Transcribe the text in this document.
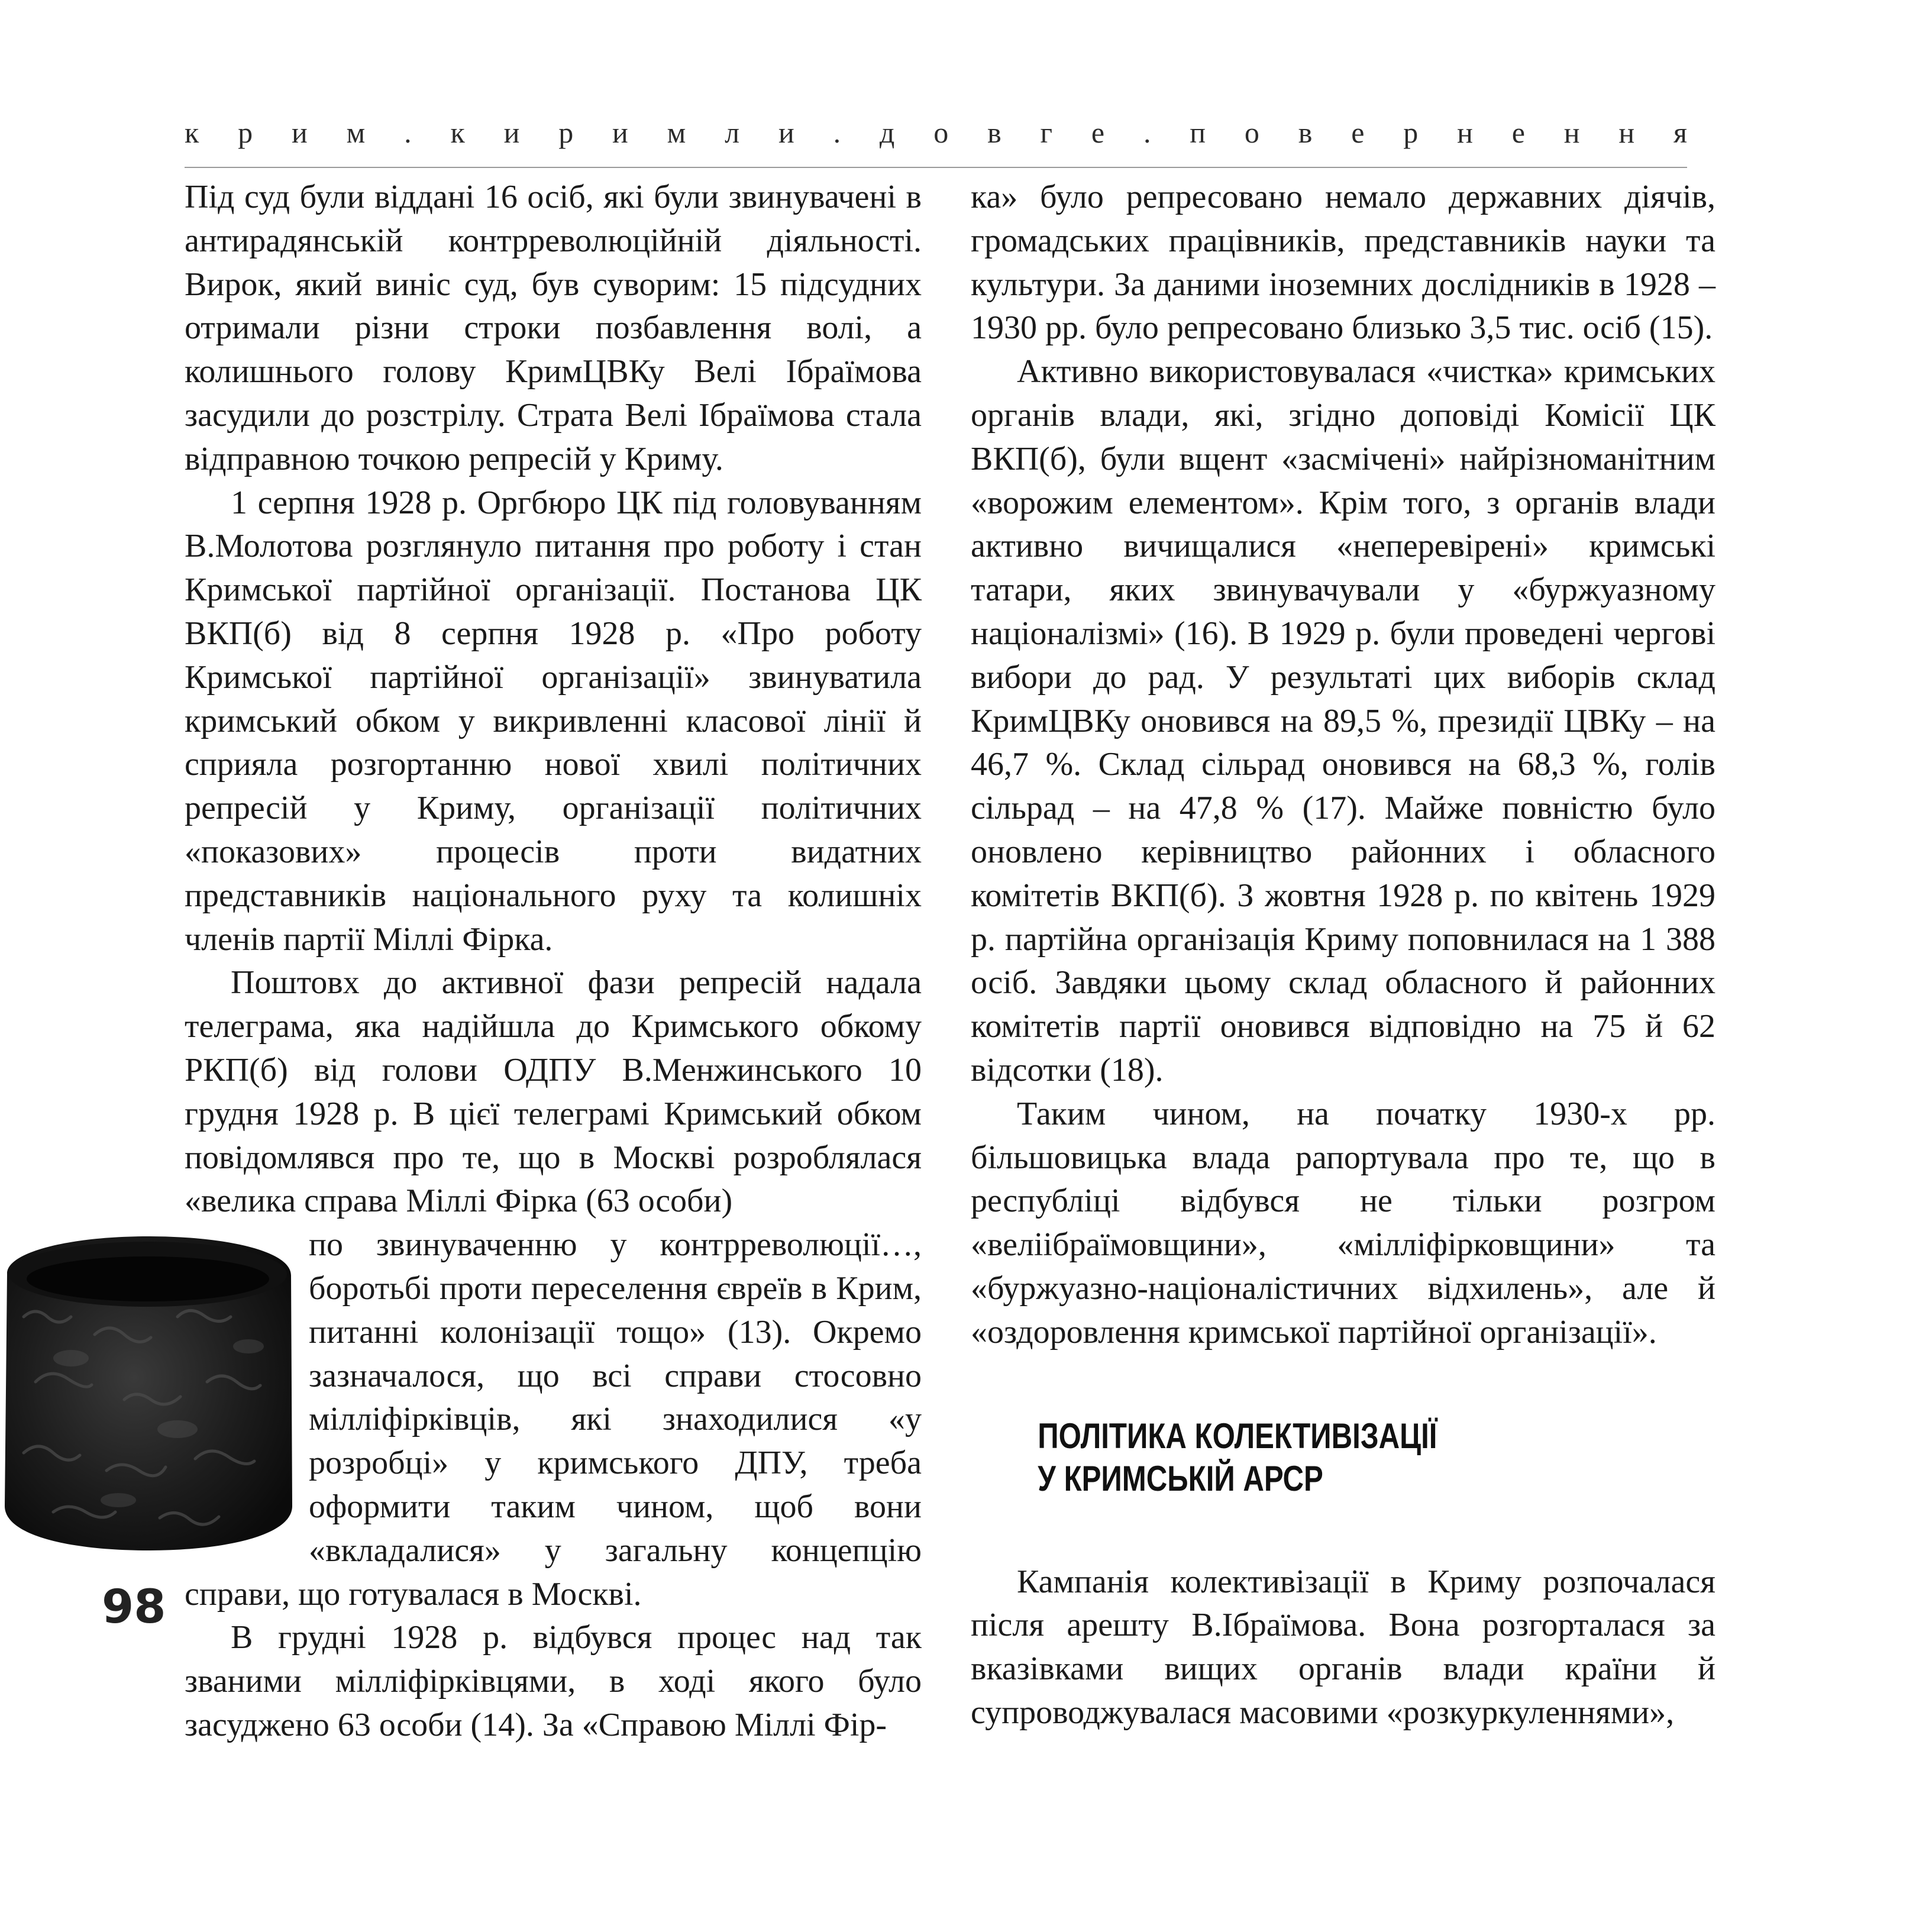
к р и м . к и р и м л и . д о в г е . п о в е р н е н н я

Під суд були віддані 16 осіб, які були звинувачені в антирадянській контрреволюційній діяльності. Вирок, який виніс суд, був суворим: 15 підсудних отримали різни строки позбавлення волі, а колишнього голову КримЦВКу Велі Ібраїмова засудили до розстрілу. Страта Велі Ібраїмова стала відправною точкою репресій у Криму.

1 серпня 1928 р. Оргбюро ЦК під головуванням В.Молотова розглянуло питання про роботу і стан Кримської партійної організації. Постанова ЦК ВКП(б) від 8 серпня 1928 р. «Про роботу Кримської партійної організації» звинуватила кримський обком у викривленні класової лінії й сприяла розгортанню нової хвилі політичних репресій у Криму, організації політичних «показових» процесів проти видатних представників національного руху та колишніх членів партії Міллі Фірка.

Поштовх до активної фази репресій надала телеграма, яка надійшла до Кримського обкому РКП(б) від голови ОДПУ В.Менжинського 10 грудня 1928 р. В цієї телеграмі Кримський обком повідомлявся про те, що в Москві розроблялася «велика справа Міллі Фірка (63 особи)

по звинуваченню у контрреволюції…, боротьбі проти переселення євреїв в Крим, питанні колонізації тощо» (13). Окремо зазначалося, що всі справи стосовно мілліфірківців, які знаходилися «у розробці» у кримського ДПУ, треба оформити таким чином, щоб вони «вкладалися» у загальну концепцію справи, що готувалася в Москві.

В грудні 1928 р. відбувся процес над так званими мілліфірківцями, в ході якого було засуджено 63 особи (14). За «Справою Міллі Фір-

98

ка» було репресовано немало державних діячів, громадських працівників, представників науки та культури. За даними іноземних дослідників в 1928 – 1930 рр. було репресовано близько 3,5 тис. осіб (15).

Активно використовувалася «чистка» кримських органів влади, які, згідно доповіді Комісії ЦК ВКП(б), були вщент «засмічені» найрізноманітним «ворожим елементом». Крім того, з органів влади активно вичищалися «неперевірені» кримські татари, яких звинувачували у «буржуазному націоналізмі» (16). В 1929 р. були проведені чергові вибори до рад. У результаті цих виборів склад КримЦВКу оновився на 89,5 %, президії ЦВКу – на 46,7 %. Склад сільрад оновився на 68,3 %, голів сільрад – на 47,8 % (17). Майже повністю було оновлено керівництво районних і обласного комітетів ВКП(б). З жовтня 1928 р. по квітень 1929 р. партійна організація Криму поповнилася на 1 388 осіб. Завдяки цьому склад обласного й районних комітетів партії оновився відповідно на 75 й 62 відсотки (18).

Таким чином, на початку 1930-х рр. більшовицька влада рапортувала про те, що в республіці відбувся не тільки розгром «веліібраїмовщини», «мілліфірковщини» та «буржуазно-націоналістичних відхилень», але й «оздоровлення кримської партійної організації».

ПОЛІТИКА КОЛЕКТИВІЗАЦІЇ

У КРИМСЬКІЙ АРСР

Кампанія колективізації в Криму розпочалася після арешту В.Ібраїмова. Вона розгорталася за вказівками вищих органів влади країни й супроводжувалася масовими «розкуркуленнями»,
